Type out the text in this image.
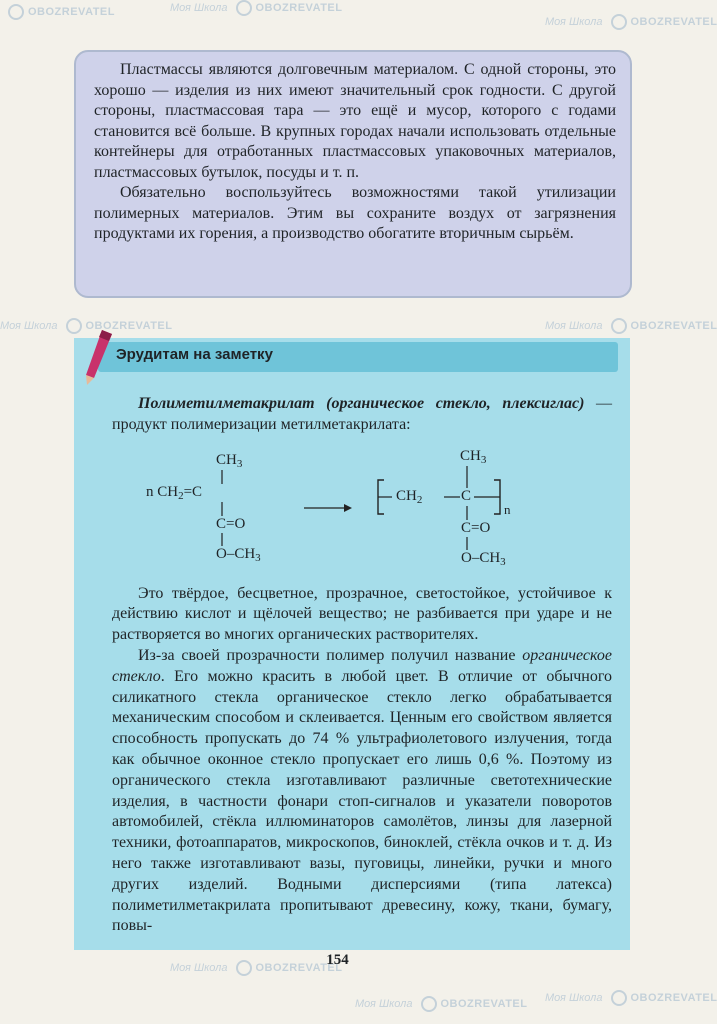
OBOZREVATEL	Моя Школа	OBOZREVATEL
Моя Школа	OBOZREVATEL
Моя Школа	OBOZREVATEL
Моя Школа	OBOZREVATEL
Моя Школа	OBOZREVATEL
Моя Школа	OBOZREVATEL Моя Школа	OBOZREVATEL

Пластмассы являются долговечным материалом. С одной стороны, это хорошо — изделия из них имеют значительный срок годности. С другой стороны, пластмассовая тара — это ещё и мусор, которого с годами становится всё больше. В крупных городах начали использовать отдельные контейнеры для отработанных пластмассовых упаковочных материалов, пластмассовых бутылок, посуды и т. п.

Обязательно воспользуйтесь возможностями такой утилизации полимерных материалов. Этим вы сохраните воздух от загрязнения продуктами их горения, а производство обогатите вторичным сырьём.

Эрудитам на заметку

Полиметилметакрилат (органическое стекло, плексиглас) — продукт полимеризации метилметакрилата:

$CH_3$
n $CH_2=C$
C=O
$O-CH_3$
$CH_3$
$CH_2$	C
n
C=O
$O-CH_3$

Это твёрдое, бесцветное, прозрачное, светостойкое, устойчивое к действию кислот и щёлочей вещество; не разбивается при ударе и не растворяется во многих органических растворителях.

Из-за своей прозрачности полимер получил название органическое стекло. Его можно красить в любой цвет. В отличие от обычного силикатного стекла органическое стекло легко обрабатывается механическим способом и склеивается. Ценным его свойством является способность пропускать до 74 % ультрафиолетового излучения, тогда как обычное оконное стекло пропускает его лишь 0,6 %. Поэтому из органического стекла изготавливают различные светотехнические изделия, в частности фонари стоп-сигналов и указатели поворотов автомобилей, стёкла иллюминаторов самолётов, линзы для лазерной техники, фотоаппаратов, микроскопов, биноклей, стёкла очков и т. д. Из него также изготавливают вазы, пуговицы, линейки, ручки и много других изделий. Водными дисперсиями (типа латекса) полиметилметакрилата пропитывают древесину, кожу, ткани, бумагу, повы-

154
